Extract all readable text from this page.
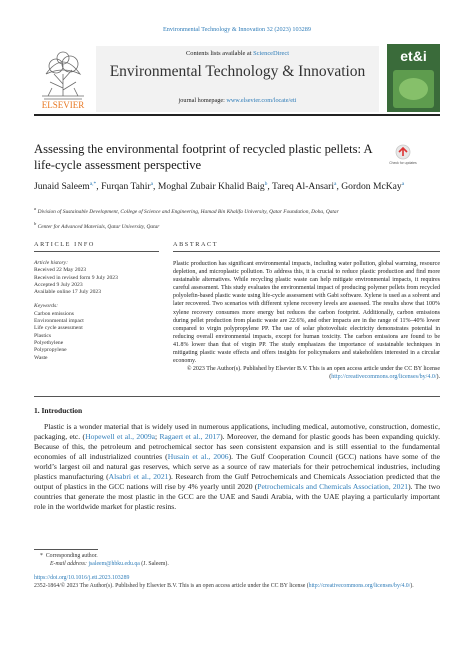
Environmental Technology & Innovation 32 (2023) 103289
ELSEVIER
Contents lists available at ScienceDirect
Environmental Technology & Innovation
journal homepage: www.elsevier.com/locate/eti
et&i
Assessing the environmental footprint of recycled plastic pellets: A life-cycle assessment perspective	Check for updates
Junaid Saleem$^{a,*}$, Furqan Tahir$^a$, Moghal Zubair Khalid Baig$^b$, Tareq Al-Ansari$^a$, Gordon McKay$^a$
$^a$ Division of Sustainable Development, College of Science and Engineering, Hamad Bin Khalifa University, Qatar Foundation, Doha, Qatar
$^b$ Center for Advanced Materials, Qatar University, Qatar
ARTICLE INFO	ABSTRACT
Article history:
Received 22 May 2023
Received in revised form 9 July 2023
Accepted 9 July 2023
Available online 17 July 2023
Keywords:
Carbon emissions
Environmental impact
Life cycle assessment
Plastics
Polyethylene
Polypropylene
Waste
Plastic production has significant environmental impacts, including water pollution, global warming, resource depletion, and microplastic pollution. To address this, it is crucial to reduce plastic production and find more sustainable alternatives. While recycling plastic waste can help mitigate environmental impacts, it requires careful assessment. This study evaluates the environmental impact of producing polymer pellets from recycled polyolefin-based plastic waste using life-cycle assessment with Gabi software. Xylene is used as a solvent and later recovered. Two scenarios with different xylene recovery levels are assessed. The results show that 100% xylene recovery consumes more energy but reduces the carbon footprint. Additionally, carbon emissions during pellet production from plastic waste are 22.6%, and other impacts are in the range of 11%–40% lower compared to virgin polypropylene PP. The use of solar photovoltaic electricity demonstrates potential in reducing overall environmental impacts, except for human toxicity. The carbon emissions are found to be 41.8% lower than that of virgin PP. The study emphasizes the importance of sustainable techniques in mitigating plastic waste effects and offers insights for policymakers and stakeholders interested in a circular economy.
© 2023 The Author(s). Published by Elsevier B.V. This is an open access article under the CC BY license (http://creativecommons.org/licenses/by/4.0/).
1. Introduction
Plastic is a wonder material that is widely used in numerous applications, including medical, automotive, construction, domestic, packaging, etc. (Hopewell et al., 2009a; Ragaert et al., 2017). Moreover, the demand for plastic goods has been expanding quickly. Because of this, the petroleum and petrochemical sector has seen consistent expansion and is still essential to the fundamental economies of all industrialized countries (Husain et al., 2006). The Gulf Cooperation Council (GCC) nations have some of the world’s largest oil and natural gas reserves, which serve as a source of raw materials for their petrochemical industries, including plastics manufacturing (Alsabri et al., 2021). Research from the Gulf Petrochemicals and Chemicals Association predicted that the output of plastics in the GCC nations will rise by 4% yearly until 2020 (Petrochemicals and Chemicals Association, 2021). The two countries that generate the most plastic in the GCC are the UAE and Saudi Arabia, with the UAE playing a particularly important role in the worldwide market for plastic resins.
* Corresponding author.
E-mail address: jsaleem@hbku.edu.qa (J. Saleem).
https://doi.org/10.1016/j.eti.2023.103289
2352-1864/© 2023 The Author(s). Published by Elsevier B.V. This is an open access article under the CC BY license (http://creativecommons.org/licenses/by/4.0/).
